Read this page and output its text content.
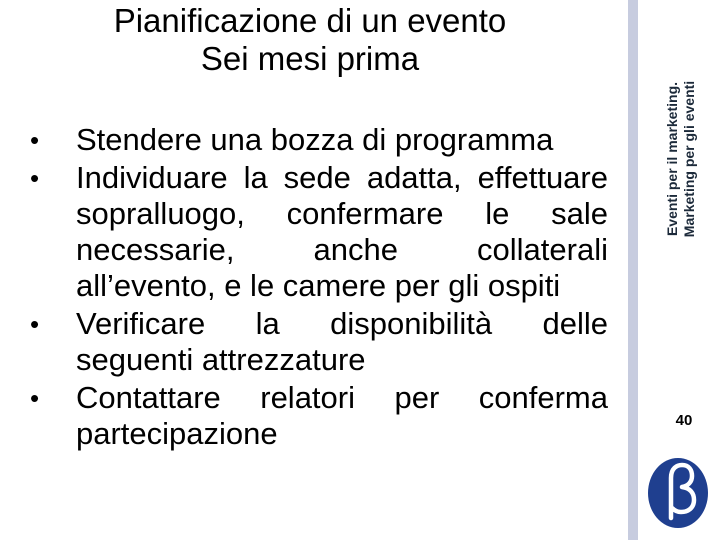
Pianificazione di un evento
Sei mesi prima
• Stendere una bozza di programma
• Individuare la sede adatta, effettuare sopralluogo, confermare le sale necessarie, anche collaterali all’evento, e le camere per gli ospiti
• Verificare la disponibilità delle seguenti attrezzature
• Contattare relatori per conferma partecipazione
Eventi per il marketing. Marketing per gli eventi
40
